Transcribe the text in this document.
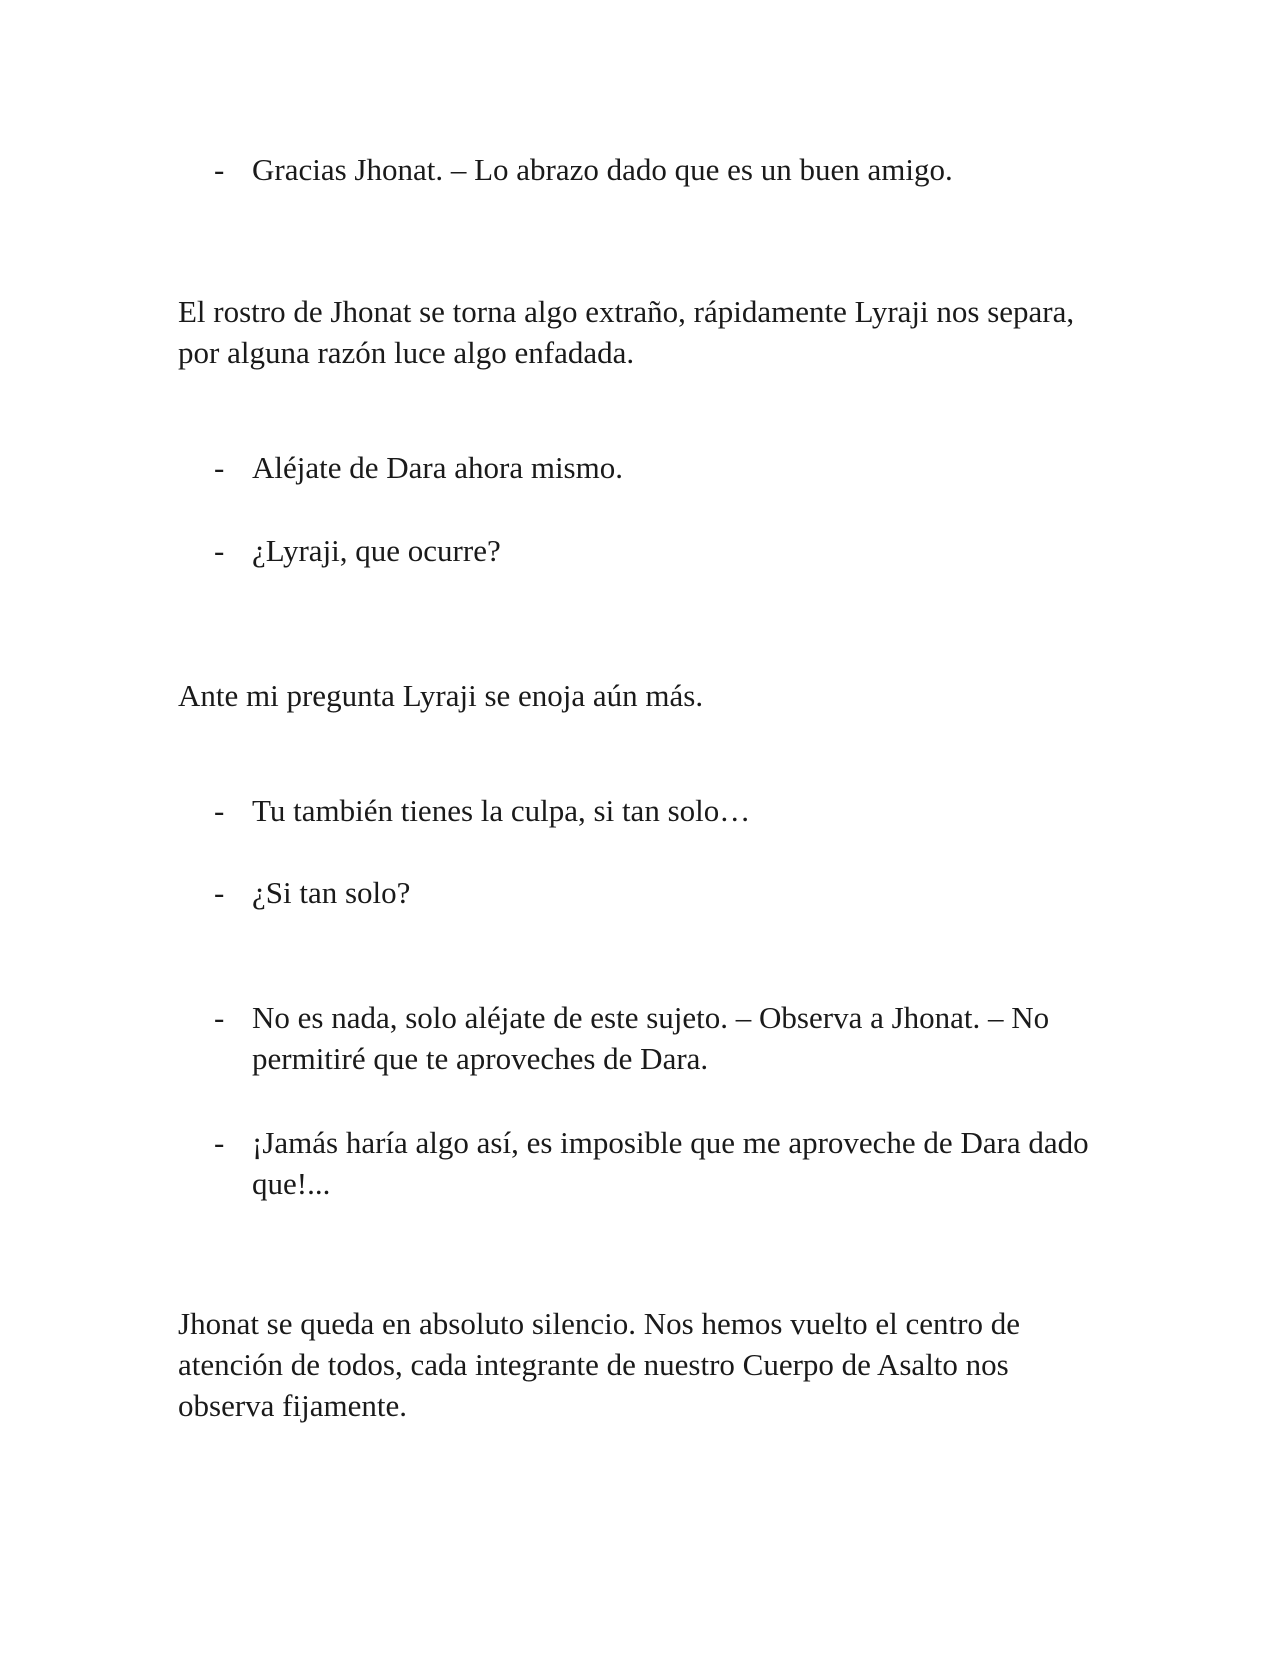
- Gracias Jhonat. – Lo abrazo dado que es un buen amigo.

El rostro de Jhonat se torna algo extraño, rápidamente Lyraji nos separa, por alguna razón luce algo enfadada.

- Aléjate de Dara ahora mismo.
- ¿Lyraji, que ocurre?

Ante mi pregunta Lyraji se enoja aún más.

- Tu también tienes la culpa, si tan solo…
- ¿Si tan solo?
- No es nada, solo aléjate de este sujeto. – Observa a Jhonat. – No permitiré que te aproveches de Dara.
- ¡Jamás haría algo así, es imposible que me aproveche de Dara dado que!...

Jhonat se queda en absoluto silencio. Nos hemos vuelto el centro de atención de todos, cada integrante de nuestro Cuerpo de Asalto nos observa fijamente.
